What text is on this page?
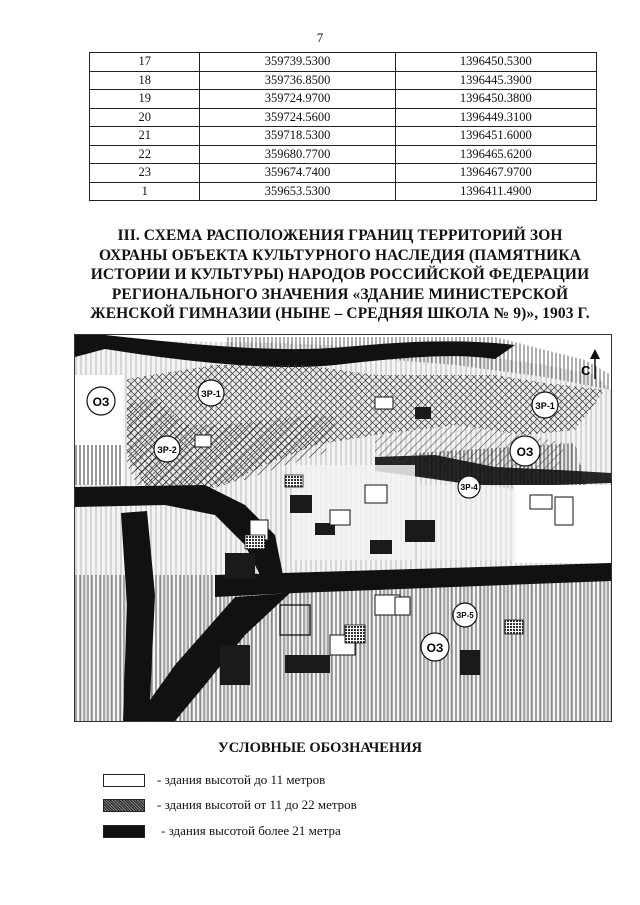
7
17	359739.5300	1396450.5300
18	359736.8500	1396445.3900
19	359724.9700	1396450.3800
20	359724.5600	1396449.3100
21	359718.5300	1396451.6000
22	359680.7700	1396465.6200
23	359674.7400	1396467.9700
1	359653.5300	1396411.4900
III. СХЕМА РАСПОЛОЖЕНИЯ ГРАНИЦ ТЕРРИТОРИЙ ЗОН
ОХРАНЫ ОБЪЕКТА КУЛЬТУРНОГО НАСЛЕДИЯ (ПАМЯТНИКА
ИСТОРИИ И КУЛЬТУРЫ) НАРОДОВ РОССИЙСКОЙ ФЕДЕРАЦИИ
РЕГИОНАЛЬНОГО ЗНАЧЕНИЯ «ЗДАНИЕ МИНИСТЕРСКОЙ
ЖЕНСКОЙ ГИМНАЗИИ (НЫНЕ – СРЕДНЯЯ ШКОЛА № 9)», 1903 Г.
ОЗ
ЗР-1
ЗР-2
ЗР-1
ОЗ
ЗР-4
ЗР-5
ОЗ
С
УСЛОВНЫЕ ОБОЗНАЧЕНИЯ
- здания высотой до 11 метров
- здания высотой от 11 до 22 метров
- здания высотой более 21 метра
